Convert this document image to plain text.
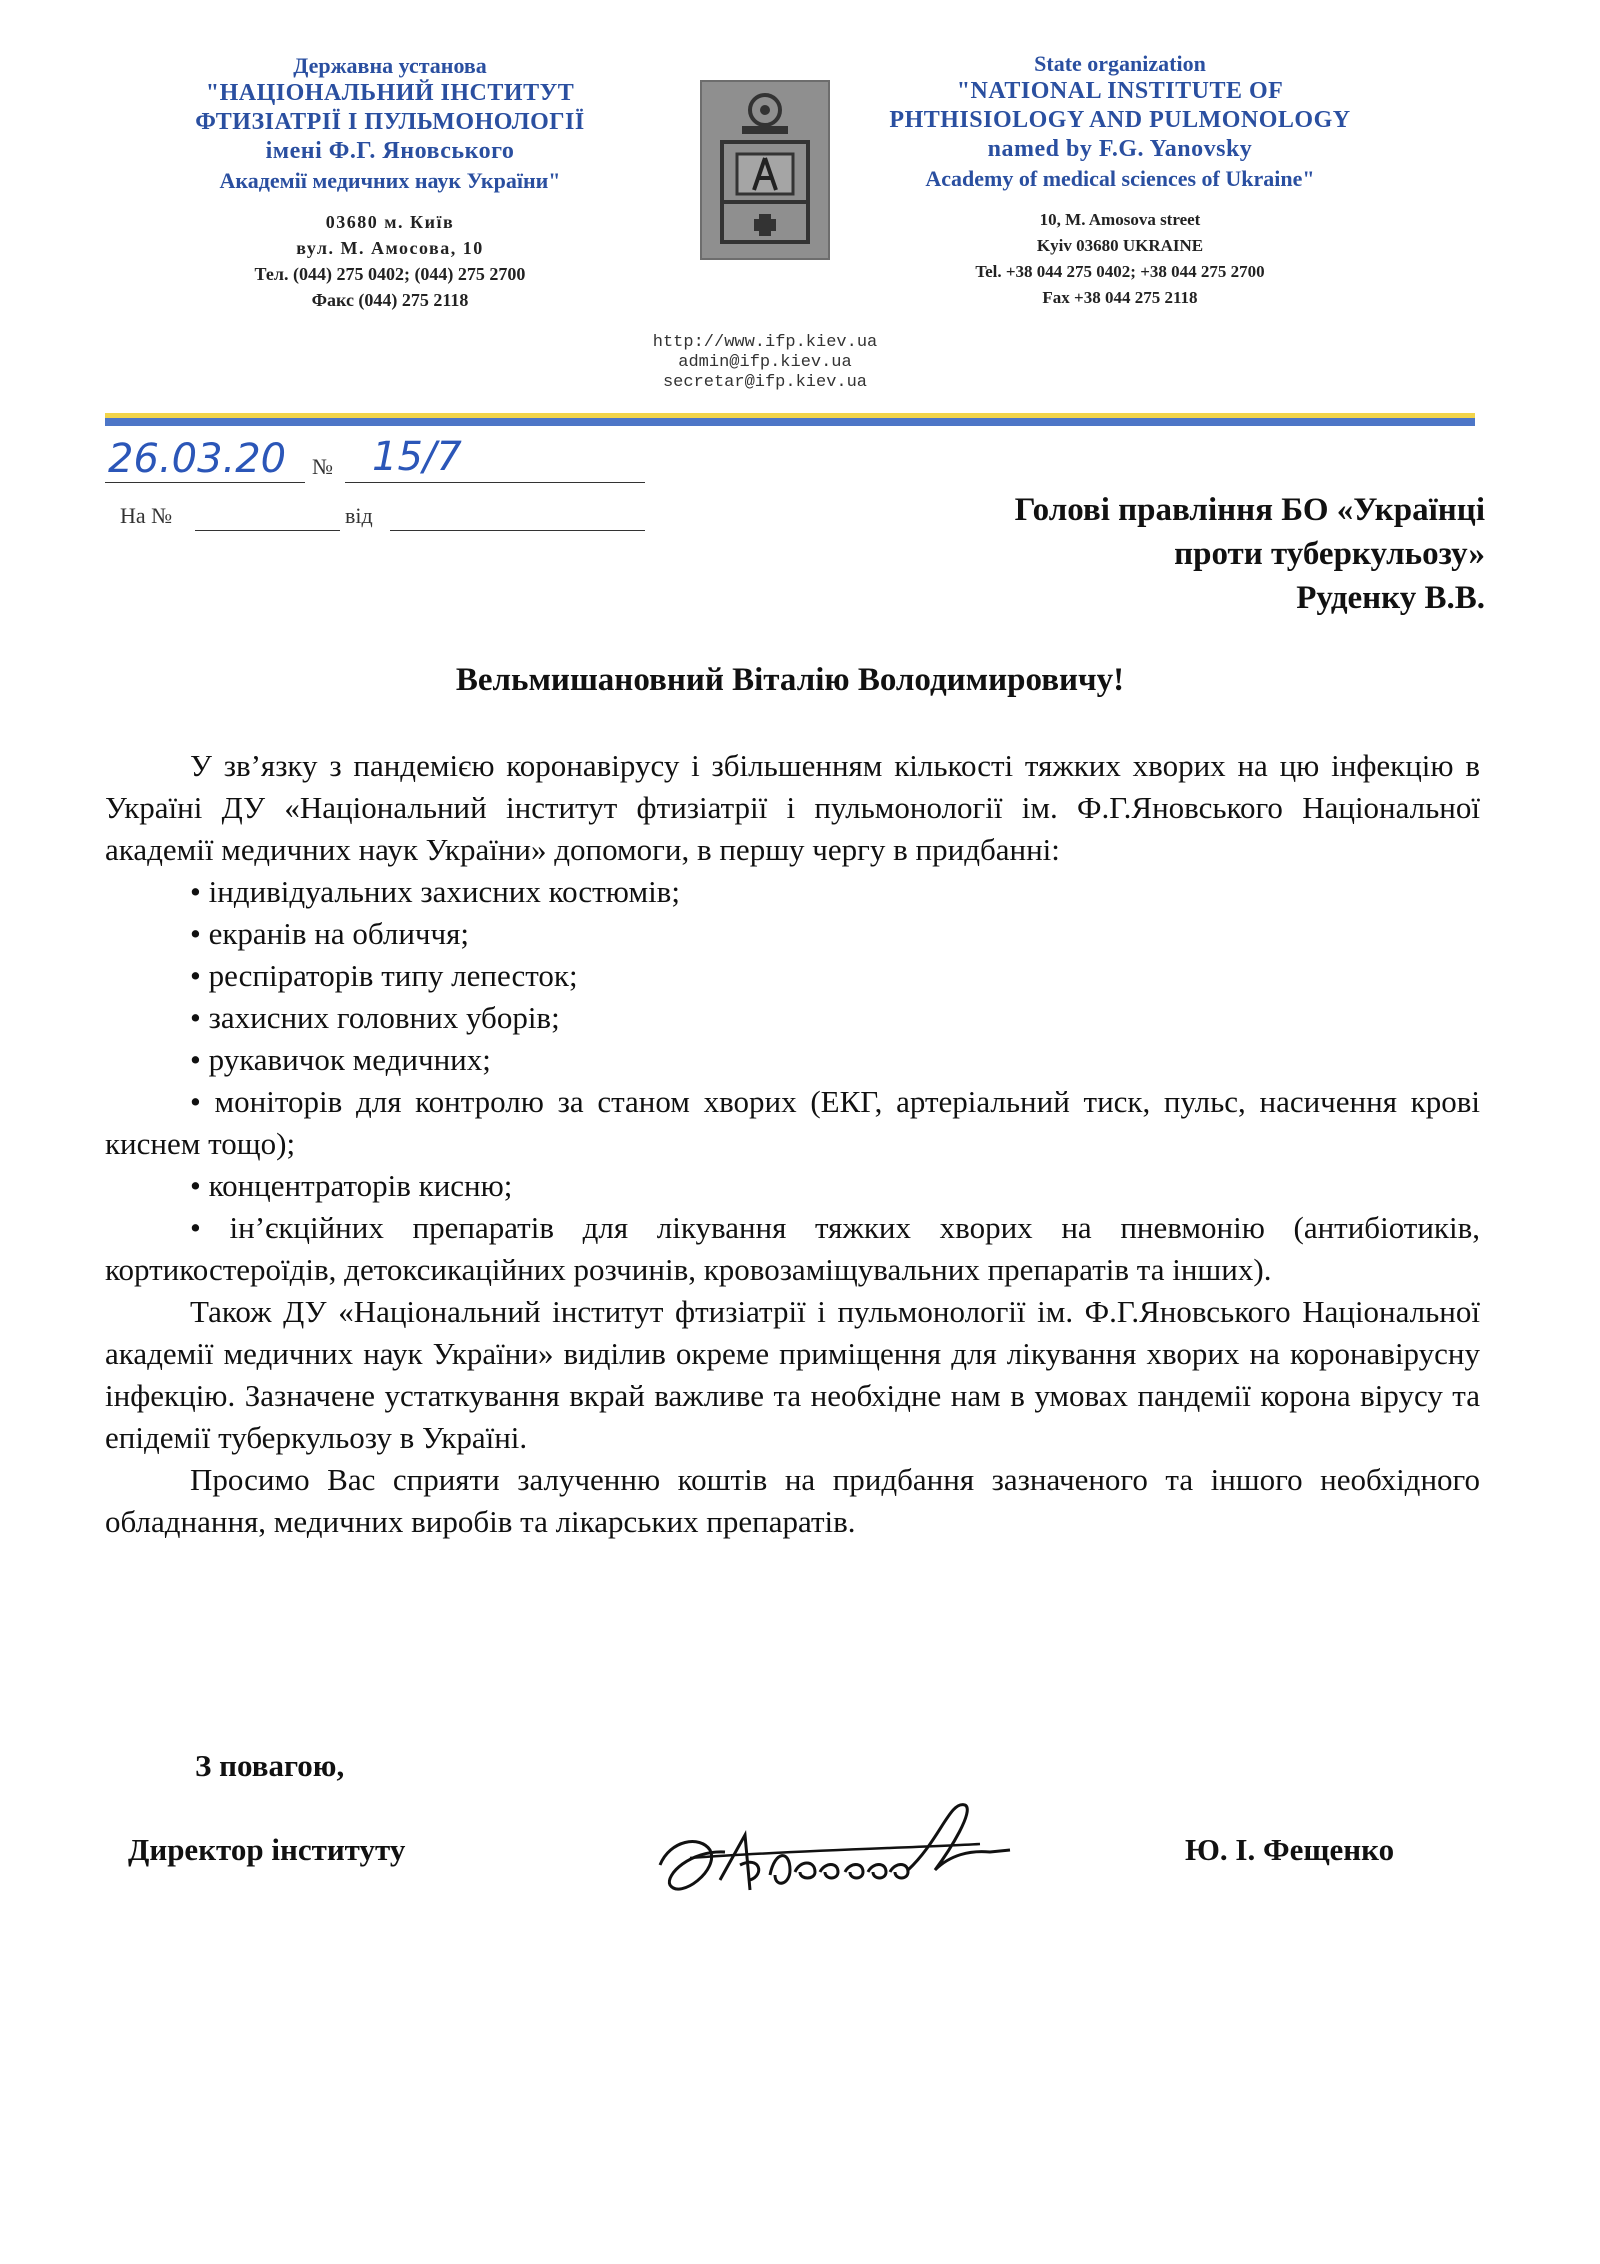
Державна установа
"НАЦІОНАЛЬНИЙ ІНСТИТУТ
ФТИЗІАТРІЇ І ПУЛЬМОНОЛОГІЇ
імені Ф.Г. Яновського
Академії медичних наук України"
03680 м. Київ
вул. М. Амосова, 10
Тел. (044) 275 0402; (044) 275 2700
Факс (044) 275 2118
State organization
"NATIONAL INSTITUTE OF
PHTHISIOLOGY AND PULMONOLOGY
named by F.G. Yanovsky
Academy of medical sciences of Ukraine"
10, M. Amosova street
Kyiv 03680 UKRAINE
Tel. +38 044 275 0402; +38 044 275 2700
Fax +38 044 275 2118
http://www.ifp.kiev.ua
admin@ifp.kiev.ua
secretar@ifp.kiev.ua
26.03.20 № 15/7
На №	від	Голові правління БО «Українці
проти туберкульозу»
Руденку В.В.
Вельмишановний Віталію Володимировичу!

У зв’язку з пандемією коронавірусу і збільшенням кількості тяжких хворих на цю інфекцію в Україні ДУ «Національний інститут фтизіатрії і пульмонології ім. Ф.Г.Яновського Національної академії медичних наук України» допомоги, в першу чергу в придбанні:

• індивідуальних захисних костюмів;
• екранів на обличчя;
• респіраторів типу лепесток;
• захисних головних уборів;
• рукавичок медичних;
• моніторів для контролю за станом хворих (ЕКГ, артеріальний тиск, пульс, насичення крові киснем тощо);
• концентраторів кисню;
• ін’єкційних препаратів для лікування тяжких хворих на пневмонію (антибіотиків, кортикостероїдів, детоксикаційних розчинів, кровозаміщувальних препаратів та інших).

Також ДУ «Національний інститут фтизіатрії і пульмонології ім. Ф.Г.Яновського Національної академії медичних наук України» виділив окреме приміщення для лікування хворих на коронавірусну інфекцію. Зазначене устаткування вкрай важливе та необхідне нам в умовах пандемії корона вірусу та епідемії туберкульозу в Україні.

Просимо Вас сприяти залученню коштів на придбання зазначеного та іншого необхідного обладнання, медичних виробів та лікарських препаратів.

З повагою,
Директор інституту	Ю. І. Фещенко
